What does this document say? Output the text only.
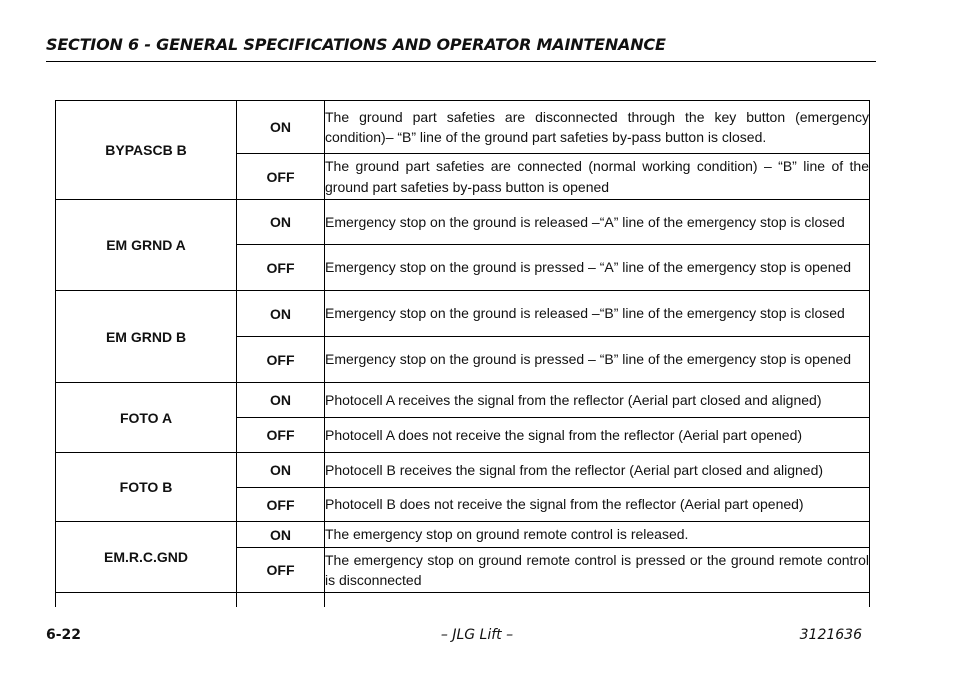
SECTION 6 - GENERAL SPECIFICATIONS AND OPERATOR MAINTENANCE
BYPASCB B	ON	The ground part safeties are disconnected through the key button (emergency condition)– “B” line of the ground part safeties by-pass button is closed.
	OFF	The ground part safeties are connected (normal working condition) – “B” line of the ground part safeties by-pass button is opened
EM GRND A	ON	Emergency stop on the ground is released –“A” line of the emergency stop is closed
	OFF	Emergency stop on the ground is pressed – “A” line of the emergency stop is opened
EM GRND B	ON	Emergency stop on the ground is released –“B” line of the emergency stop is closed
	OFF	Emergency stop on the ground is pressed – “B” line of the emergency stop is opened
FOTO A	ON	Photocell A receives the signal from the reflector (Aerial part closed and aligned)
	OFF	Photocell A does not receive the signal from the reflector (Aerial part opened)
FOTO B	ON	Photocell B receives the signal from the reflector (Aerial part closed and aligned)
	OFF	Photocell B does not receive the signal from the reflector (Aerial part opened)
EM.R.C.GND	ON	The emergency stop on ground remote control is released.
	OFF	The emergency stop on ground remote control is pressed or the ground remote control is disconnected

6-22	– JLG Lift –	3121636
